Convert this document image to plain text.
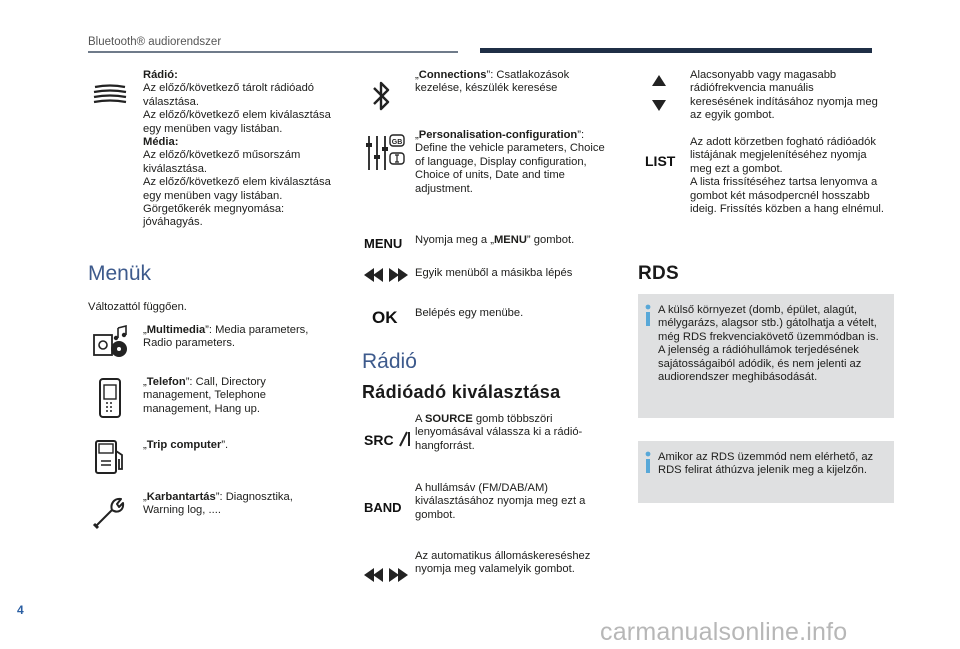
Bluetooth® audiorendszer
Rádió:
Az előző/következő tárolt rádióadó választása.
Az előző/következő elem kiválasztása egy menüben vagy listában.
Média:
Az előző/következő műsorszám kiválasztása.
Az előző/következő elem kiválasztása egy menüben vagy listában.
Görgetőkerék megnyomása: jóváhagyás.
Menük
Változattól függően.
„Multimedia”: Media parameters, Radio parameters.
„Telefon”: Call, Directory management, Telephone management, Hang up.
„Trip computer”.
„Karbantartás”: Diagnosztika, Warning log, ....
„Connections”: Csatlakozások kezelése, készülék keresése
GB
„Personalisation-configuration”: Define the vehicle parameters, Choice of language, Display configuration, Choice of units, Date and time adjustment.
MENU Nyomja meg a „MENU” gombot.
Egyik menüből a másikba lépés
OK Belépés egy menübe.
Rádió
Rádióadó kiválasztása
SRC
A SOURCE gomb többszöri lenyomásával válassza ki a rádió-hangforrást.
BAND
A hullámsáv (FM/DAB/AM) kiválasztásához nyomja meg ezt a gombot.
Az automatikus állomáskereséshez nyomja meg valamelyik gombot.
Alacsonyabb vagy magasabb rádiófrekvencia manuális keresésének indításához nyomja meg az egyik gombot.
LIST
Az adott körzetben fogható rádióadók listájának megjelenítéséhez nyomja meg ezt a gombot.
A lista frissítéséhez tartsa lenyomva a gombot két másodpercnél hosszabb ideig. Frissítés közben a hang elnémul.
RDS
A külső környezet (domb, épület, alagút, mélygarázs, alagsor stb.) gátolhatja a vételt, még RDS frekvenciakövető üzemmódban is. A jelenség a rádióhullámok terjedésének sajátosságaiból adódik, és nem jelenti az audiorendszer meghibásodását.
Amikor az RDS üzemmód nem elérhető, az RDS felirat áthúzva jelenik meg a kijelzőn.
4
carmanualsonline.info
